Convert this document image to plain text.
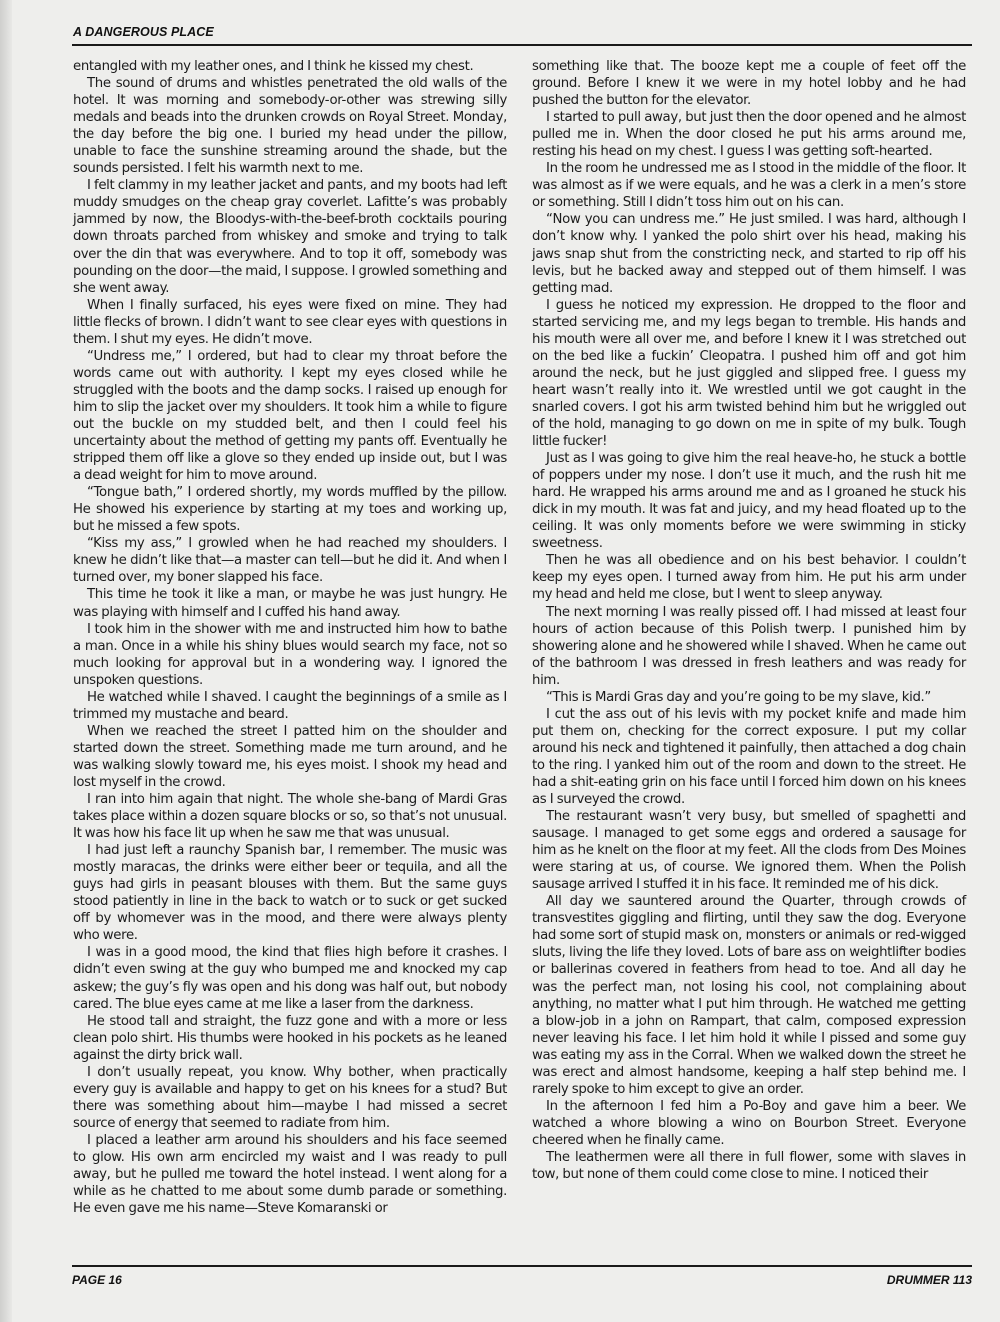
A DANGEROUS PLACE

entangled with my leather ones, and I think he kissed my chest.

The sound of drums and whistles penetrated the old walls of the hotel. It was morning and somebody-or-other was strewing silly medals and beads into the drunken crowds on Royal Street. Monday, the day before the big one. I buried my head under the pillow, unable to face the sunshine streaming around the shade, but the sounds persisted. I felt his warmth next to me.

I felt clammy in my leather jacket and pants, and my boots had left muddy smudges on the cheap gray coverlet. Lafitte’s was probably jammed by now, the Bloodys-with-the-beef-broth cocktails pouring down throats parched from whiskey and smoke and trying to talk over the din that was everywhere. And to top it off, somebody was pounding on the door—the maid, I suppose. I growled something and she went away.

When I finally surfaced, his eyes were fixed on mine. They had little flecks of brown. I didn’t want to see clear eyes with questions in them. I shut my eyes. He didn’t move.

“Undress me,” I ordered, but had to clear my throat before the words came out with authority. I kept my eyes closed while he struggled with the boots and the damp socks. I raised up enough for him to slip the jacket over my shoulders. It took him a while to figure out the buckle on my studded belt, and then I could feel his uncertainty about the method of getting my pants off. Eventually he stripped them off like a glove so they ended up inside out, but I was a dead weight for him to move around.

“Tongue bath,” I ordered shortly, my words muffled by the pillow. He showed his experience by starting at my toes and working up, but he missed a few spots.

“Kiss my ass,” I growled when he had reached my shoulders. I knew he didn’t like that—a master can tell—but he did it. And when I turned over, my boner slapped his face.

This time he took it like a man, or maybe he was just hungry. He was playing with himself and I cuffed his hand away.

I took him in the shower with me and instructed him how to bathe a man. Once in a while his shiny blues would search my face, not so much looking for approval but in a wondering way. I ignored the unspoken questions.

He watched while I shaved. I caught the beginnings of a smile as I trimmed my mustache and beard.

When we reached the street I patted him on the shoulder and started down the street. Something made me turn around, and he was walking slowly toward me, his eyes moist. I shook my head and lost myself in the crowd.

I ran into him again that night. The whole she-bang of Mardi Gras takes place within a dozen square blocks or so, so that’s not unusual. It was how his face lit up when he saw me that was unusual.

I had just left a raunchy Spanish bar, I remember. The music was mostly maracas, the drinks were either beer or tequila, and all the guys had girls in peasant blouses with them. But the same guys stood patiently in line in the back to watch or to suck or get sucked off by whomever was in the mood, and there were always plenty who were.

I was in a good mood, the kind that flies high before it crashes. I didn’t even swing at the guy who bumped me and knocked my cap askew; the guy’s fly was open and his dong was half out, but nobody cared. The blue eyes came at me like a laser from the darkness.

He stood tall and straight, the fuzz gone and with a more or less clean polo shirt. His thumbs were hooked in his pockets as he leaned against the dirty brick wall.

I don’t usually repeat, you know. Why bother, when practically every guy is available and happy to get on his knees for a stud? But there was something about him—maybe I had missed a secret source of energy that seemed to radiate from him.

I placed a leather arm around his shoulders and his face seemed to glow. His own arm encircled my waist and I was ready to pull away, but he pulled me toward the hotel instead. I went along for a while as he chatted to me about some dumb parade or something. He even gave me his name—Steve Komaranski or

something like that. The booze kept me a couple of feet off the ground. Before I knew it we were in my hotel lobby and he had pushed the button for the elevator.

I started to pull away, but just then the door opened and he almost pulled me in. When the door closed he put his arms around me, resting his head on my chest. I guess I was getting soft-hearted.

In the room he undressed me as I stood in the middle of the floor. It was almost as if we were equals, and he was a clerk in a men’s store or something. Still I didn’t toss him out on his can.

“Now you can undress me.” He just smiled. I was hard, although I don’t know why. I yanked the polo shirt over his head, making his jaws snap shut from the constricting neck, and started to rip off his levis, but he backed away and stepped out of them himself. I was getting mad.

I guess he noticed my expression. He dropped to the floor and started servicing me, and my legs began to tremble. His hands and his mouth were all over me, and before I knew it I was stretched out on the bed like a fuckin’ Cleopatra. I pushed him off and got him around the neck, but he just giggled and slipped free. I guess my heart wasn’t really into it. We wrestled until we got caught in the snarled covers. I got his arm twisted behind him but he wriggled out of the hold, managing to go down on me in spite of my bulk. Tough little fucker!

Just as I was going to give him the real heave-ho, he stuck a bottle of poppers under my nose. I don’t use it much, and the rush hit me hard. He wrapped his arms around me and as I groaned he stuck his dick in my mouth. It was fat and juicy, and my head floated up to the ceiling. It was only moments before we were swimming in sticky sweetness.

Then he was all obedience and on his best behavior. I couldn’t keep my eyes open. I turned away from him. He put his arm under my head and held me close, but I went to sleep anyway.

The next morning I was really pissed off. I had missed at least four hours of action because of this Polish twerp. I punished him by showering alone and he showered while I shaved. When he came out of the bathroom I was dressed in fresh leathers and was ready for him.

“This is Mardi Gras day and you’re going to be my slave, kid.”

I cut the ass out of his levis with my pocket knife and made him put them on, checking for the correct exposure. I put my collar around his neck and tightened it painfully, then attached a dog chain to the ring. I yanked him out of the room and down to the street. He had a shit-eating grin on his face until I forced him down on his knees as I surveyed the crowd.

The restaurant wasn’t very busy, but smelled of spaghetti and sausage. I managed to get some eggs and ordered a sausage for him as he knelt on the floor at my feet. All the clods from Des Moines were staring at us, of course. We ignored them. When the Polish sausage arrived I stuffed it in his face. It reminded me of his dick.

All day we sauntered around the Quarter, through crowds of transvestites giggling and flirting, until they saw the dog. Everyone had some sort of stupid mask on, monsters or animals or red-wigged sluts, living the life they loved. Lots of bare ass on weightlifter bodies or ballerinas covered in feathers from head to toe. And all day he was the perfect man, not losing his cool, not complaining about anything, no matter what I put him through. He watched me getting a blow-job in a john on Rampart, that calm, composed expression never leaving his face. I let him hold it while I pissed and some guy was eating my ass in the Corral. When we walked down the street he was erect and almost handsome, keeping a half step behind me. I rarely spoke to him except to give an order.

In the afternoon I fed him a Po-Boy and gave him a beer. We watched a whore blowing a wino on Bourbon Street. Everyone cheered when he finally came.

The leathermen were all there in full flower, some with slaves in tow, but none of them could come close to mine. I noticed their

PAGE 16	DRUMMER 113
